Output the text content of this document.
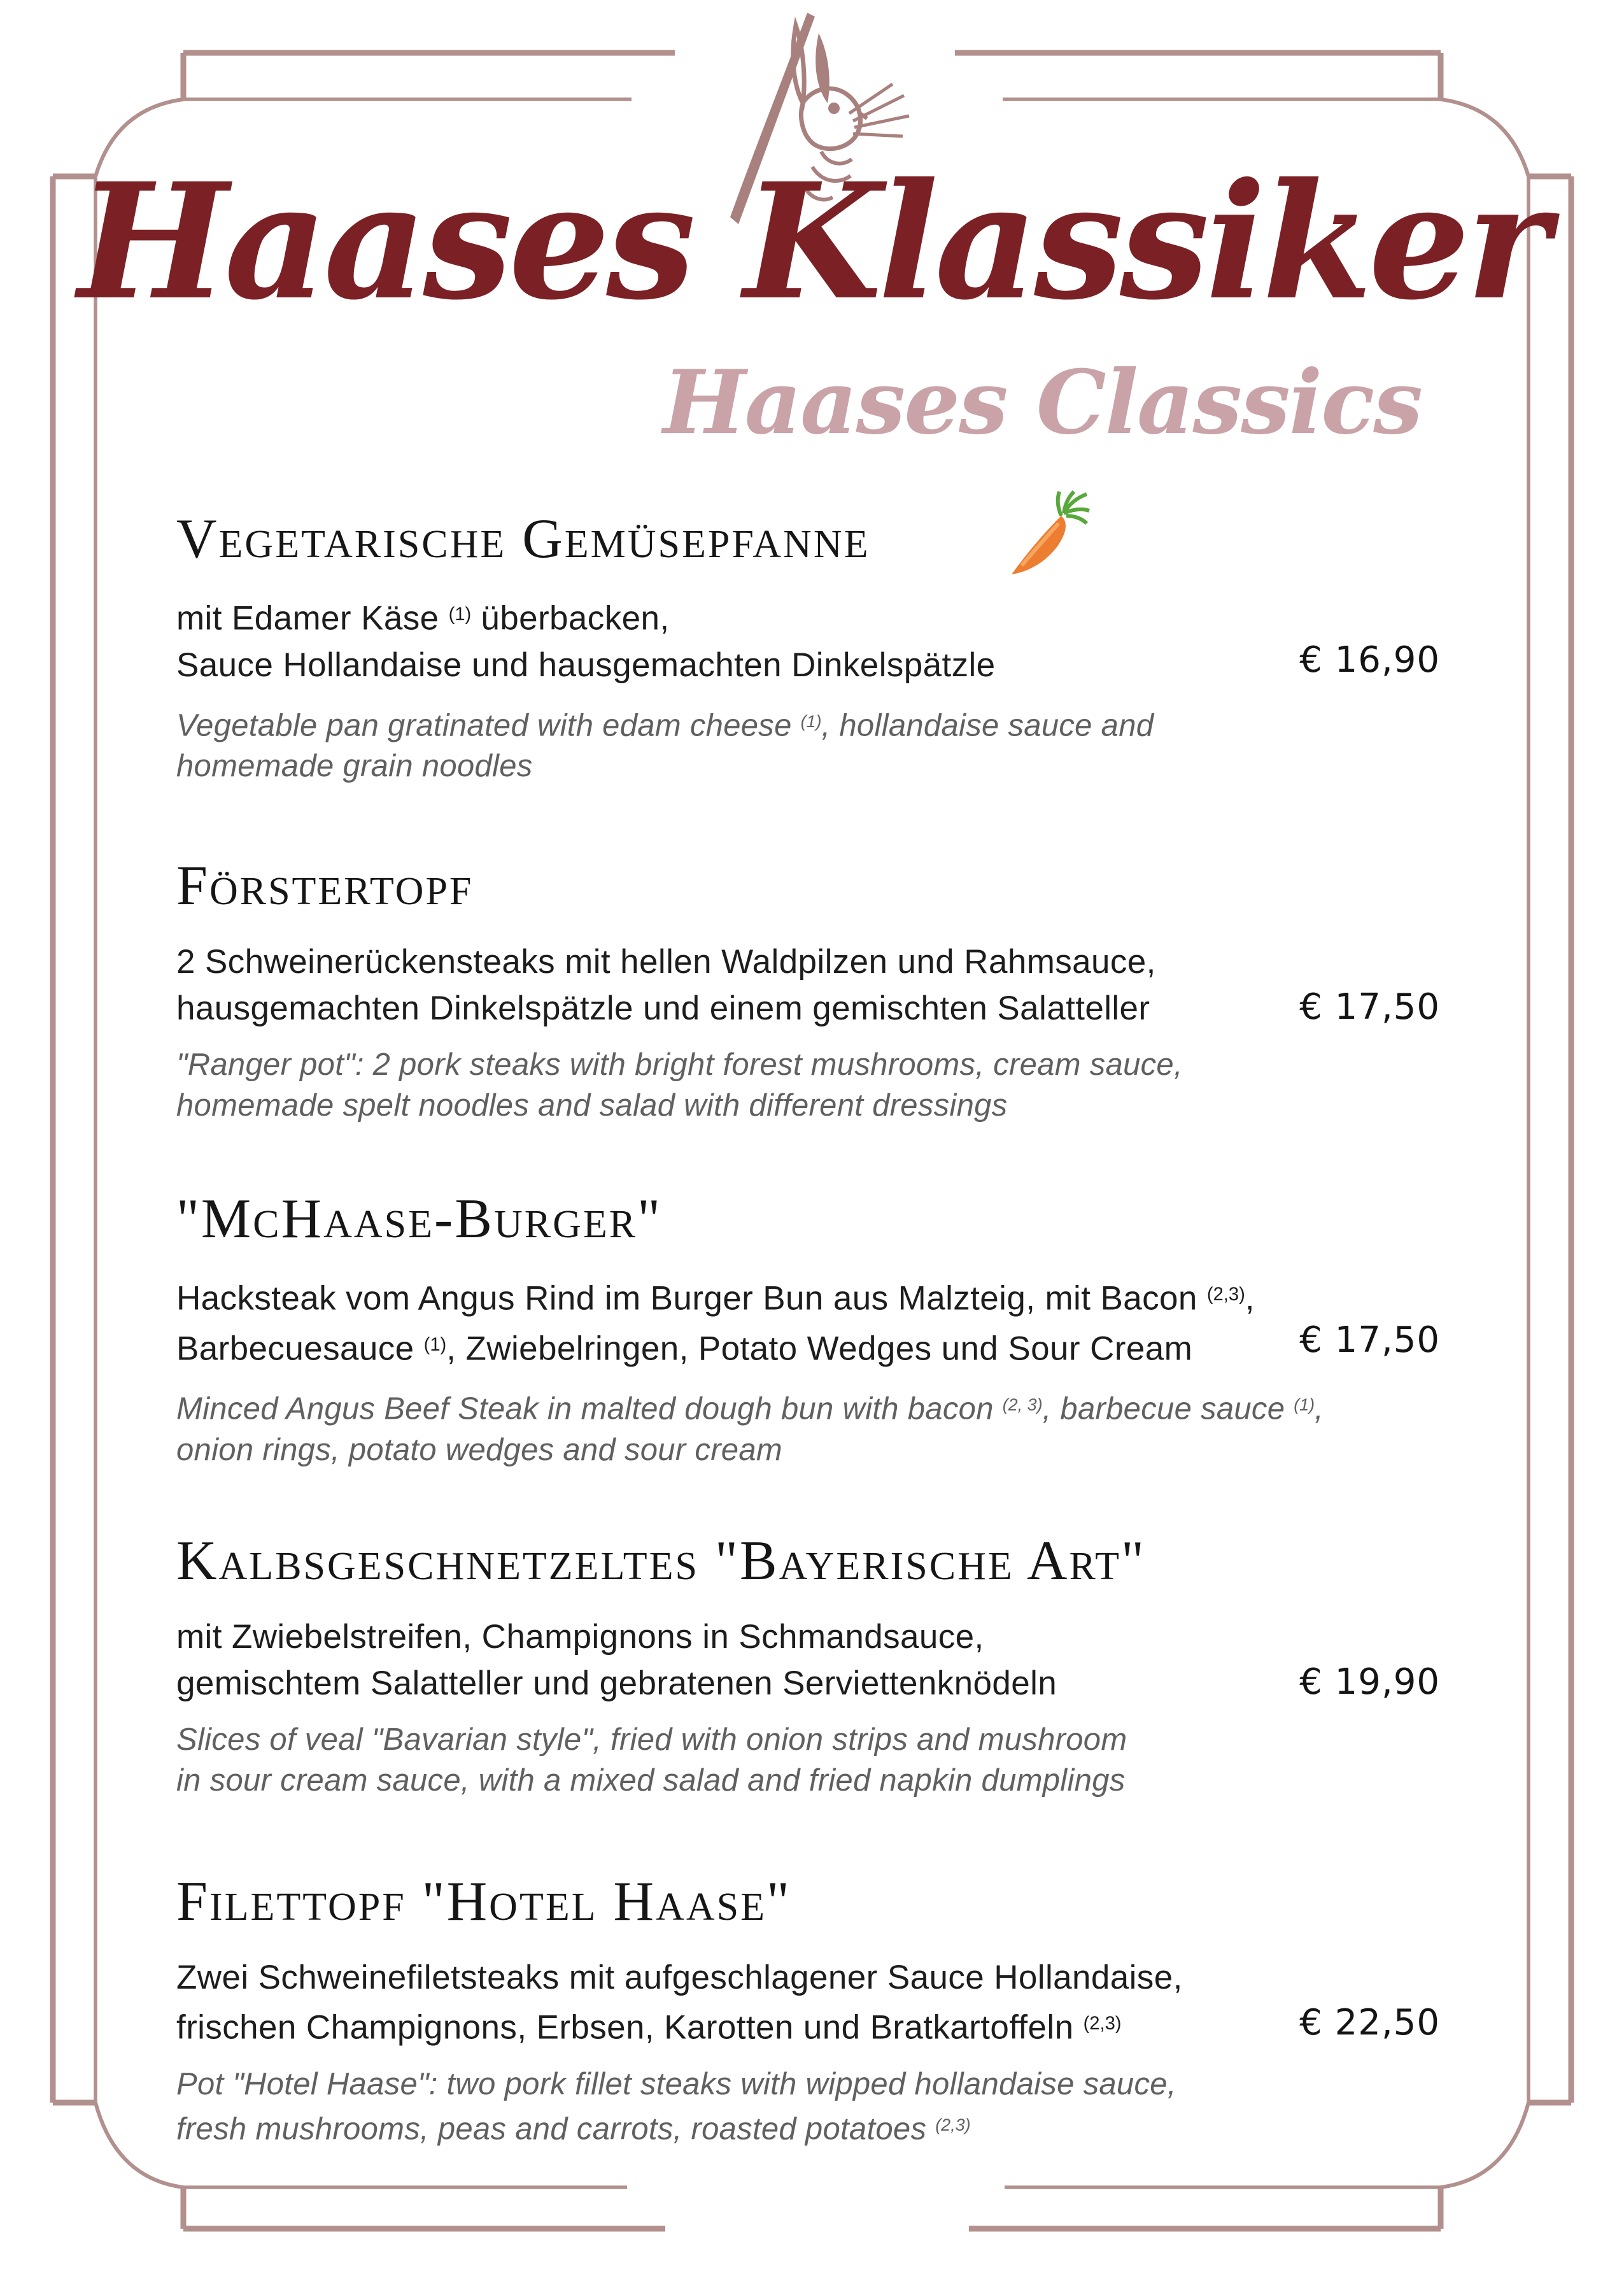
Haases Klassiker
Haases Classics
Vegetarische Gemüsepfanne
mit Edamer Käse $^{(1)}$ überbacken,
Sauce Hollandaise und hausgemachten Dinkelspätzle
Vegetable pan gratinated with edam cheese $^{(1)}$, hollandaise sauce and
homemade grain noodles
€ 16,90
Förstertopf
2 Schweinerückensteaks mit hellen Waldpilzen und Rahmsauce,
hausgemachten Dinkelspätzle und einem gemischten Salatteller
"Ranger pot": 2 pork steaks with bright forest mushrooms, cream sauce,
homemade spelt noodles and salad with different dressings
€ 17,50
"McHaase-Burger"
Hacksteak vom Angus Rind im Burger Bun aus Malzteig, mit Bacon $^{(2,3)}$,
Barbecuesauce $^{(1)}$, Zwiebelringen, Potato Wedges und Sour Cream
Minced Angus Beef Steak in malted dough bun with bacon $^{(2, 3)}$, barbecue sauce $^{(1)}$,
onion rings, potato wedges and sour cream
€ 17,50
Kalbsgeschnetzeltes "Bayerische Art"
mit Zwiebelstreifen, Champignons in Schmandsauce,
gemischtem Salatteller und gebratenen Serviettenknödeln
Slices of veal "Bavarian style", fried with onion strips and mushroom
in sour cream sauce, with a mixed salad and fried napkin dumplings
€ 19,90
Filettopf "Hotel Haase"
Zwei Schweinefiletsteaks mit aufgeschlagener Sauce Hollandaise,
frischen Champignons, Erbsen, Karotten und Bratkartoffeln $^{(2,3)}$
Pot "Hotel Haase": two pork fillet steaks with wipped hollandaise sauce,
fresh mushrooms, peas and carrots, roasted potatoes $^{(2,3)}$
€ 22,50
